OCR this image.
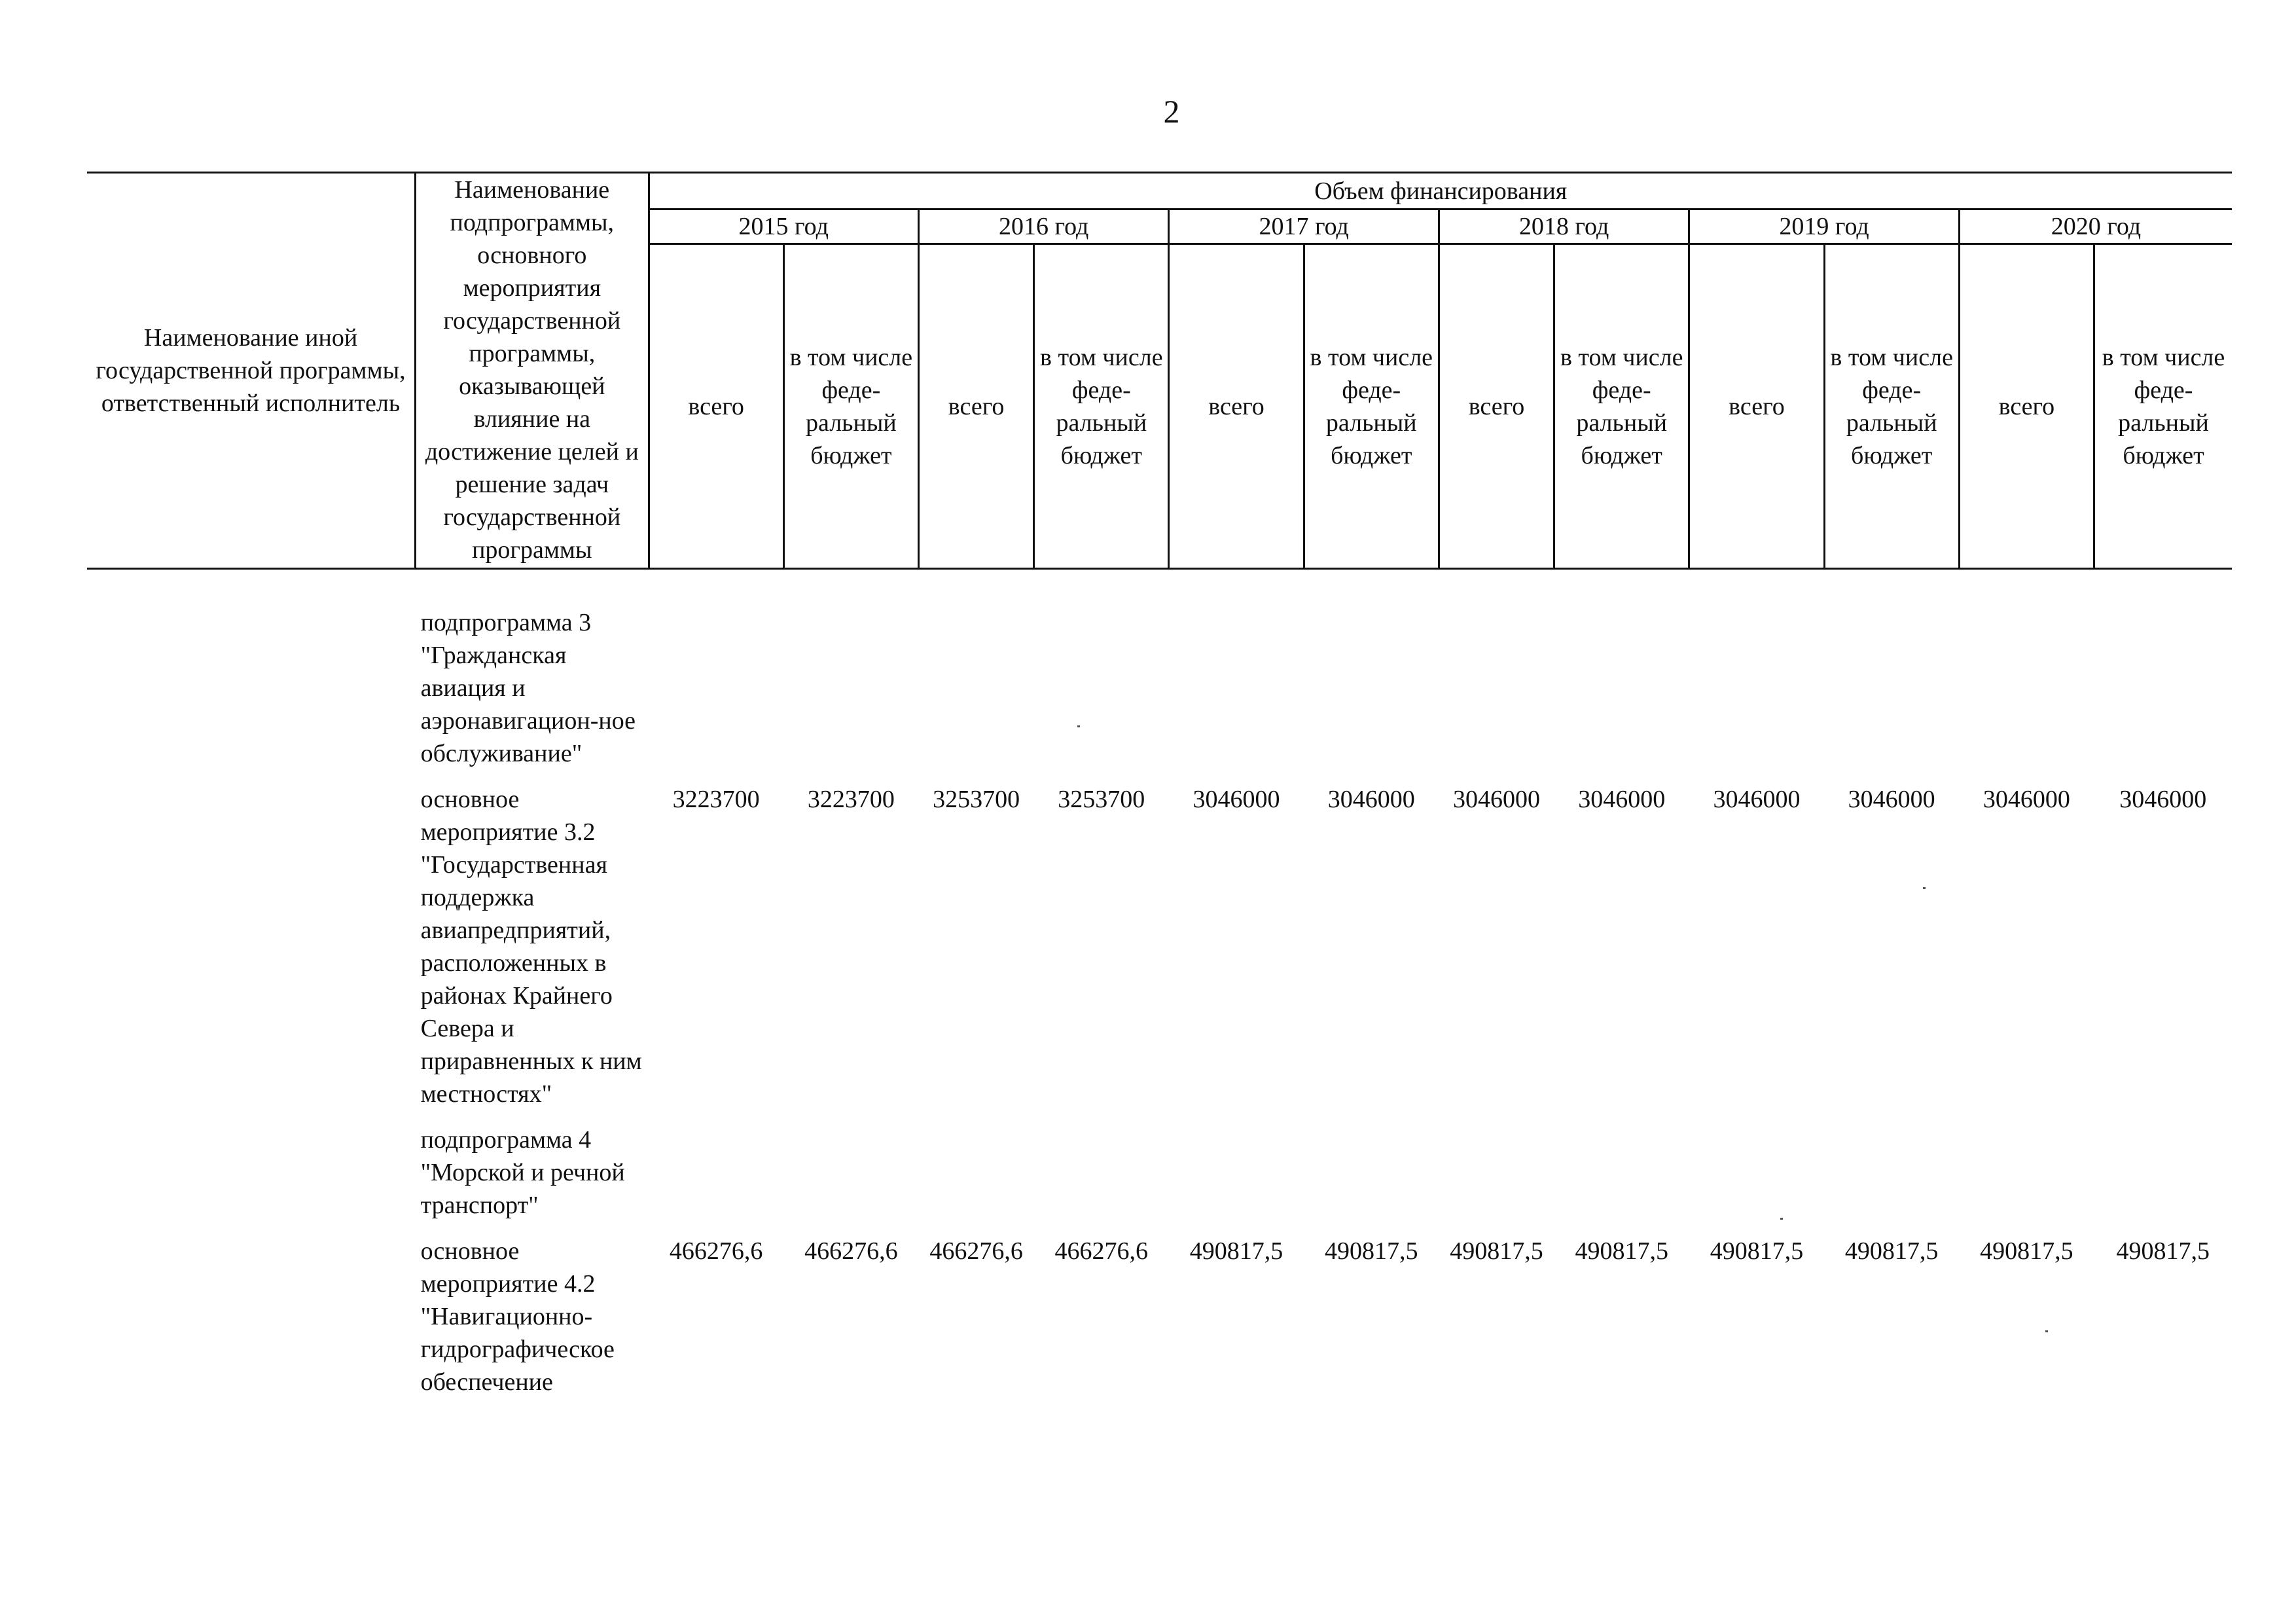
2
Наименование иной государственной программы, ответственный исполнитель	Наименование подпрограммы, основного мероприятия государственной программы, оказывающей влияние на достижение целей и решение задач государственной программы	Объем финансирования											
		2015 год		2016 год		2017 год		2018 год		2019 год		2020 год	
		всего	в том числе феде-ральный бюджет	всего	в том числе феде-ральный бюджет	всего	в том числе феде-ральный бюджет	всего	в том числе феде-ральный бюджет	всего	в том числе феде-ральный бюджет	всего	в том числе феде-ральный бюджет

	подпрограмма 3 "Гражданская авиация и аэронавигацион-ное обслуживание"												

	основное мероприятие 3.2 "Государственная поддержка авиапредприятий, расположенных в районах Крайнего Севера и приравненных к ним местностях"	3223700	3223700	3253700	3253700	3046000	3046000	3046000	3046000	3046000	3046000	3046000	3046000

	подпрограмма 4 "Морской и речной транспорт"												

	основное мероприятие 4.2 "Навигационно-гидрографическое обеспечение	466276,6	466276,6	466276,6	466276,6	490817,5	490817,5	490817,5	490817,5	490817,5	490817,5	490817,5	490817,5
